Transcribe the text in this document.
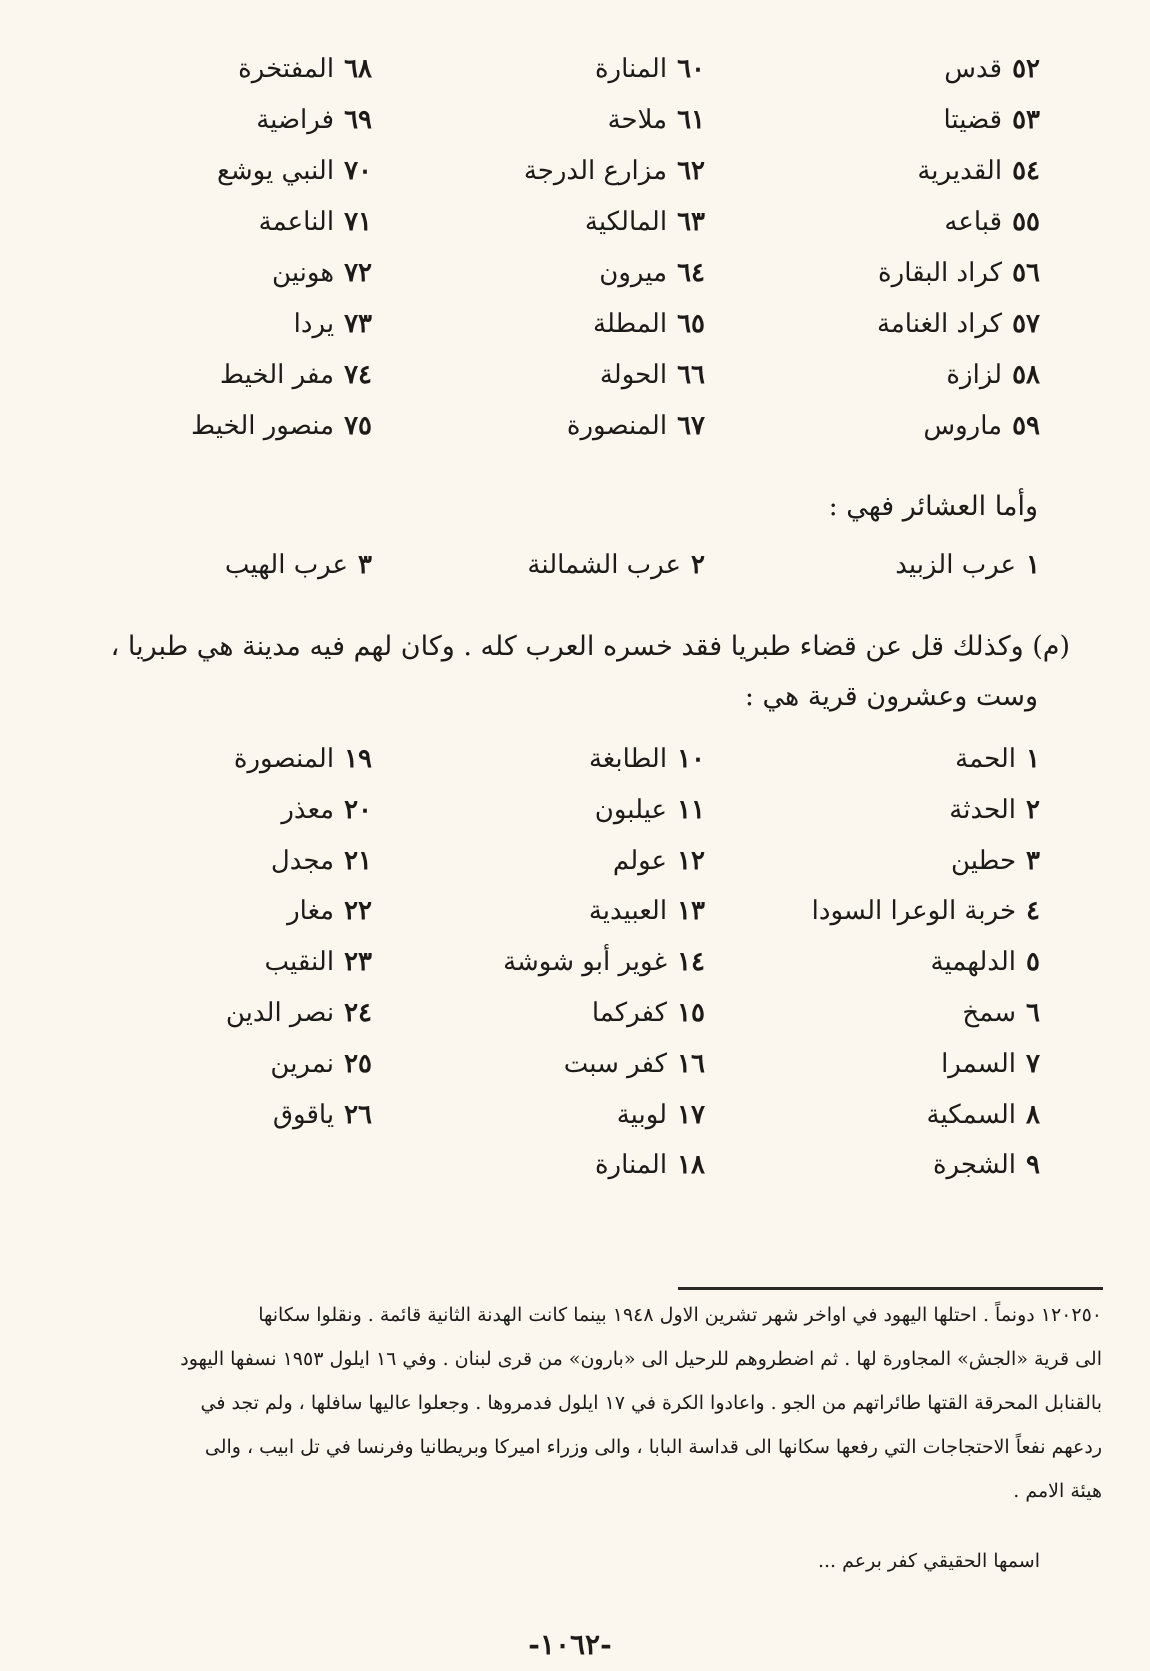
٥٢قدس
٥٣قضيتا
٥٤القديرية
٥٥قباعه
٥٦كراد البقارة
٥٧كراد الغنامة
٥٨لزازة
٥٩ماروس
٦٠المنارة
٦١ملاحة
٦٢مزارع الدرجة
٦٣المالكية
٦٤ميرون
٦٥المطلة
٦٦الحولة
٦٧المنصورة
٦٨المفتخرة
٦٩فراضية
٧٠النبي يوشع
٧١الناعمة
٧٢هونين
٧٣يردا
٧٤مفر الخيط
٧٥منصور الخيط
وأما العشائر فهي :
١عرب الزبيد
٢عرب الشمالنة
٣عرب الهيب
(م) وكذلك قل عن قضاء طبريا فقد خسره العرب كله . وكان لهم فيه مدينة هي طبريا ،
وست وعشرون قرية هي :
١الحمة
٢الحدثة
٣حطين
٤خربة الوعرا السودا
٥الدلهمية
٦سمخ
٧السمرا
٨السمكية
٩الشجرة
١٠الطابغة
١١عيلبون
١٢عولم
١٣العبيدية
١٤غوير أبو شوشة
١٥كفركما
١٦كفر سبت
١٧لوبية
١٨المنارة
١٩المنصورة
٢٠معذر
٢١مجدل
٢٢مغار
٢٣النقيب
٢٤نصر الدين
٢٥نمرين
٢٦ياقوق
١٢٠٢٥٠ دونماً . احتلها اليهود في اواخر شهر تشرين الاول ١٩٤٨ بينما كانت الهدنة الثانية قائمة . ونقلوا سكانها
الى قرية «الجش» المجاورة لها . ثم اضطروهم للرحيل الى «بارون» من قرى لبنان . وفي ١٦ ايلول ١٩٥٣ نسفها اليهود
بالقنابل المحرقة القتها طائراتهم من الجو . واعادوا الكرة في ١٧ ايلول فدمروها . وجعلوا عاليها سافلها ، ولم تجد في
ردعهم نفعاً الاحتجاجات التي رفعها سكانها الى قداسة البابا ، والى وزراء اميركا وبريطانيا وفرنسا في تل ابيب ، والى
هيئة الامم .
اسمها الحقيقي كفر برعم ...
-١٠٦٢-
